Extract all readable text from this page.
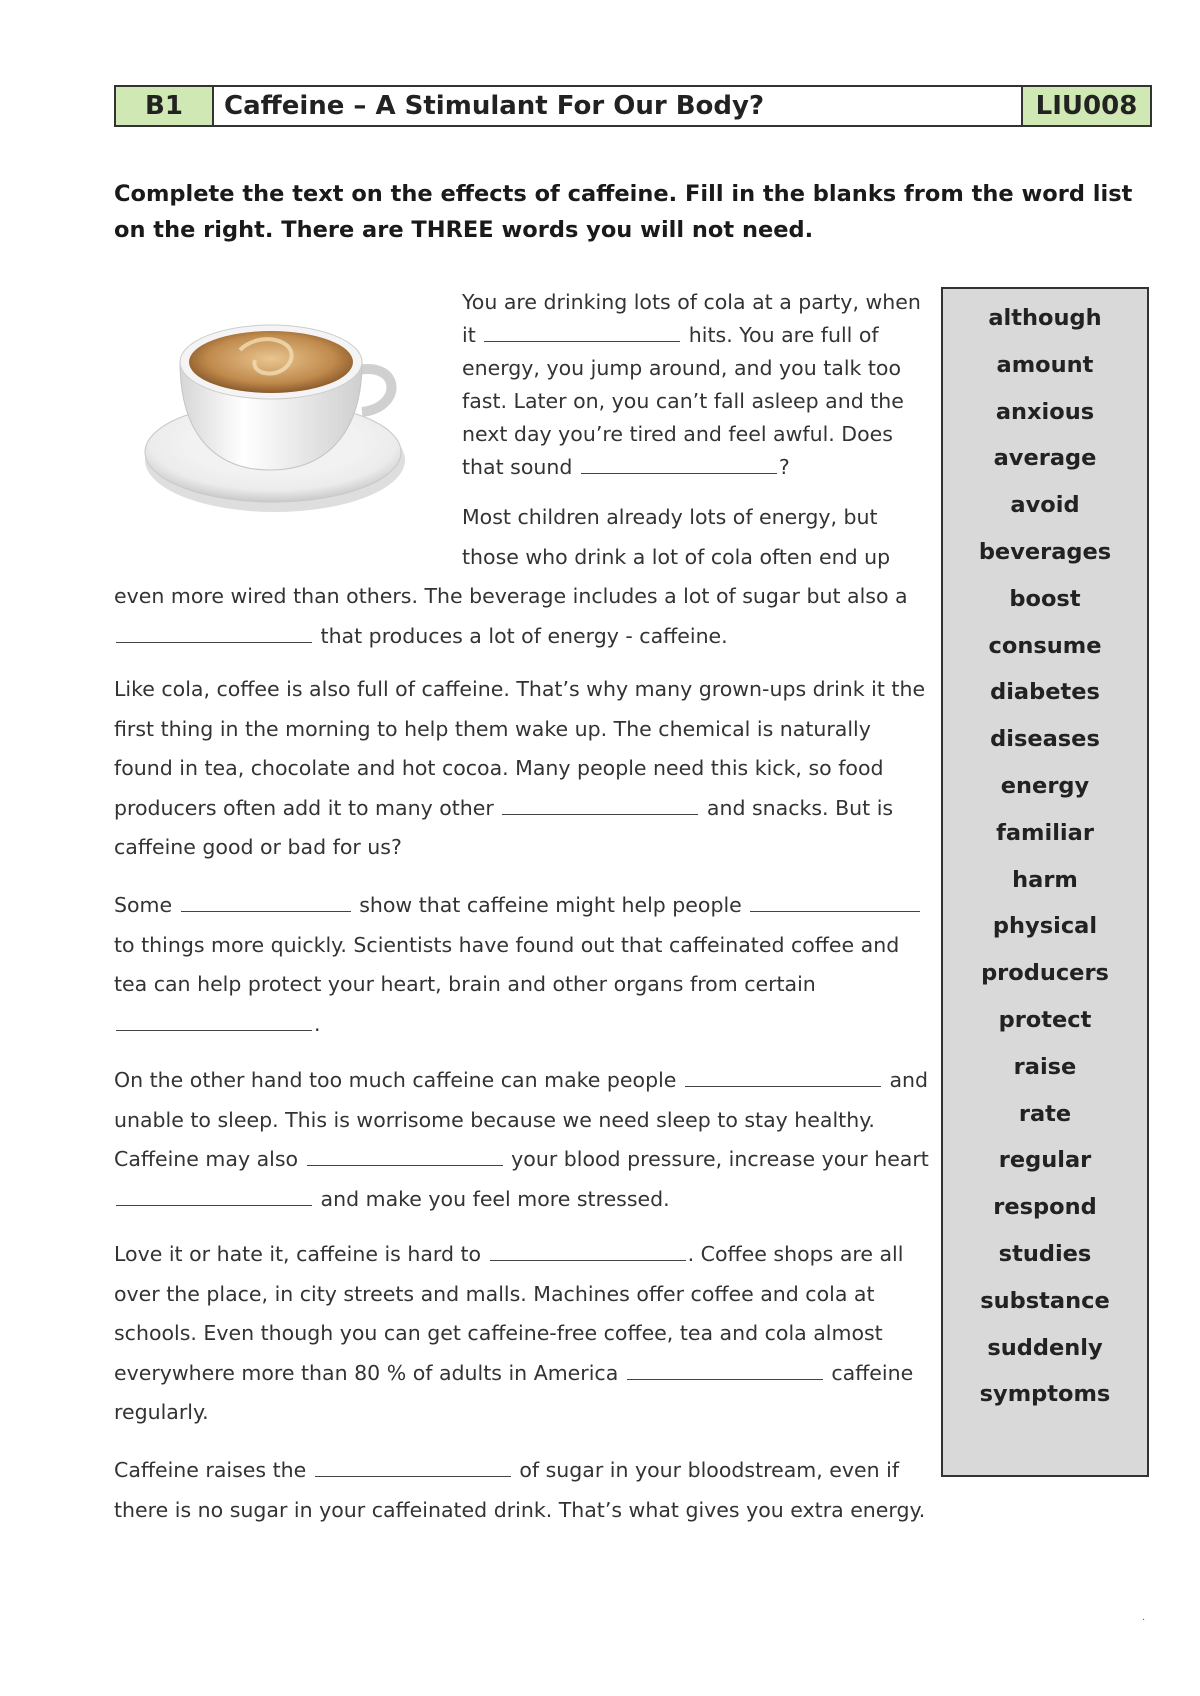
B1	Caffeine – A Stimulant For Our Body?	LIU008
Complete the text on the effects of caffeine. Fill in the blanks from the word list on the right. There are THREE words you will not need.
You are drinking lots of cola at a party, when it	hits. You are full of energy, you jump around, and you talk too fast. Later on, you can’t fall asleep and the next day you’re tired and feel awful. Does that sound	?
Most children already lots of energy, but those who drink a lot of cola often end up
even more wired than others. The beverage includes a lot of sugar but also a  that produces a lot of energy - caffeine.
Like cola, coffee is also full of caffeine. That’s why many grown-ups drink it the first thing in the morning to help them wake up. The chemical is naturally found in tea, chocolate and hot cocoa. Many people need this kick, so food producers often add it to many other	and snacks. But is caffeine good or bad for us?
Some	show that caffeine might help people  to things more quickly. Scientists have found out that caffeinated coffee and tea can help protect your heart, brain and other organs from certain .
On the other hand too much caffeine can make people	and unable to sleep. This is worrisome because we need sleep to stay healthy. Caffeine may also	your blood pressure, increase your heart  and make you feel more stressed.
Love it or hate it, caffeine is hard to	. Coffee shops are all over the place, in city streets and malls. Machines offer coffee and cola at schools. Even though you can get caffeine-free coffee, tea and cola almost everywhere more than 80 % of adults in America	caffeine regularly.
Caffeine raises the	of sugar in your bloodstream, even if there is no sugar in your caffeinated drink. That’s what gives you extra energy.
although
amount
anxious
average
avoid
beverages
boost
consume
diabetes
diseases
energy
familiar
harm
physical
producers
protect
raise
rate
regular
respond
studies
substance
suddenly
symptoms
.
